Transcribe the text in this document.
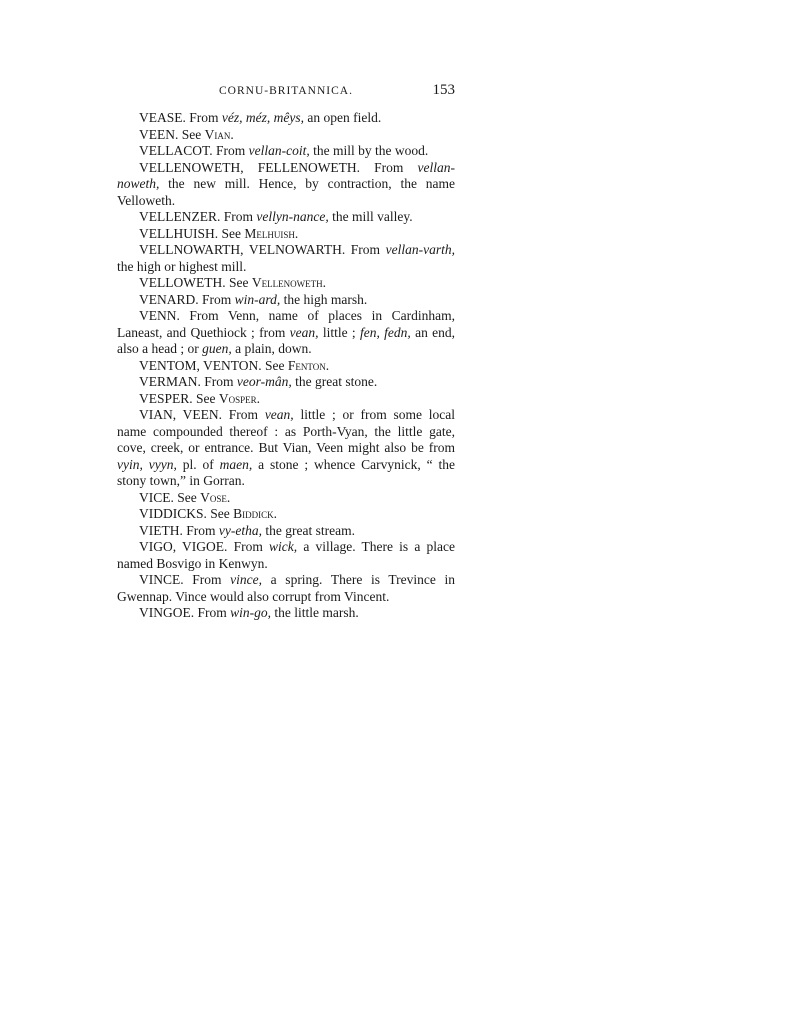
CORNU-BRITANNICA.	153

VEASE. From véz, méz, mêys, an open field.

VEEN. See Vian.

VELLACOT. From vellan-coit, the mill by the wood.

VELLENOWETH, FELLENOWETH. From vellan-noweth, the new mill. Hence, by contraction, the name Velloweth.

VELLENZER. From vellyn-nance, the mill valley.

VELLHUISH. See Melhuish.

VELLNOWARTH, VELNOWARTH. From vellan-varth, the high or highest mill.

VELLOWETH. See Vellenoweth.

VENARD. From win-ard, the high marsh.

VENN. From Venn, name of places in Cardinham, Laneast, and Quethiock ; from vean, little ; fen, fedn, an end, also a head ; or guen, a plain, down.

VENTOM, VENTON. See Fenton.

VERMAN. From veor-mân, the great stone.

VESPER. See Vosper.

VIAN, VEEN. From vean, little ; or from some local name compounded thereof : as Porth-Vyan, the little gate, cove, creek, or entrance. But Vian, Veen might also be from vyin, vyyn, pl. of maen, a stone ; whence Carvynick, “ the stony town,” in Gorran.

VICE. See Vose.

VIDDICKS. See Biddick.

VIETH. From vy-etha, the great stream.

VIGO, VIGOE. From wick, a village. There is a place named Bosvigo in Kenwyn.

VINCE. From vince, a spring. There is Trevince in Gwennap. Vince would also corrupt from Vincent.

VINGOE. From win-go, the little marsh.
